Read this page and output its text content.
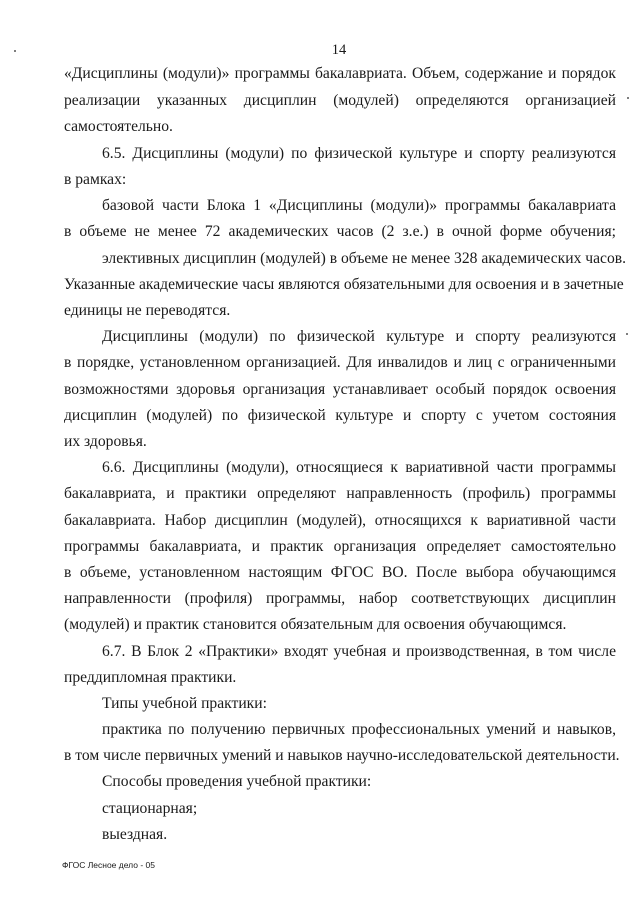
14
«Дисциплины (модули)» программы бакалавриата. Объем, содержание и порядок
реализации указанных дисциплин (модулей) определяются организацией
самостоятельно.
6.5. Дисциплины (модули) по физической культуре и спорту реализуются
в рамках:
базовой части Блока 1 «Дисциплины (модули)» программы бакалавриата
в объеме не менее 72 академических часов (2 з.е.) в очной форме обучения;
элективных дисциплин (модулей) в объеме не менее 328 академических часов.
Указанные академические часы являются обязательными для освоения и в зачетные
единицы не переводятся.
Дисциплины (модули) по физической культуре и спорту реализуются
в порядке, установленном организацией. Для инвалидов и лиц с ограниченными
возможностями здоровья организация устанавливает особый порядок освоения
дисциплин (модулей) по физической культуре и спорту с учетом состояния
их здоровья.
6.6. Дисциплины (модули), относящиеся к вариативной части программы
бакалавриата, и практики определяют направленность (профиль) программы
бакалавриата. Набор дисциплин (модулей), относящихся к вариативной части
программы бакалавриата, и практик организация определяет самостоятельно
в объеме, установленном настоящим ФГОС ВО. После выбора обучающимся
направленности (профиля) программы, набор соответствующих дисциплин
(модулей) и практик становится обязательным для освоения обучающимся.
6.7. В Блок 2 «Практики» входят учебная и производственная, в том числе
преддипломная практики.
Типы учебной практики:
практика по получению первичных профессиональных умений и навыков,
в том числе первичных умений и навыков научно-исследовательской деятельности.
Способы проведения учебной практики:
стационарная;
выездная.
ФГОС Лесное дело - 05
